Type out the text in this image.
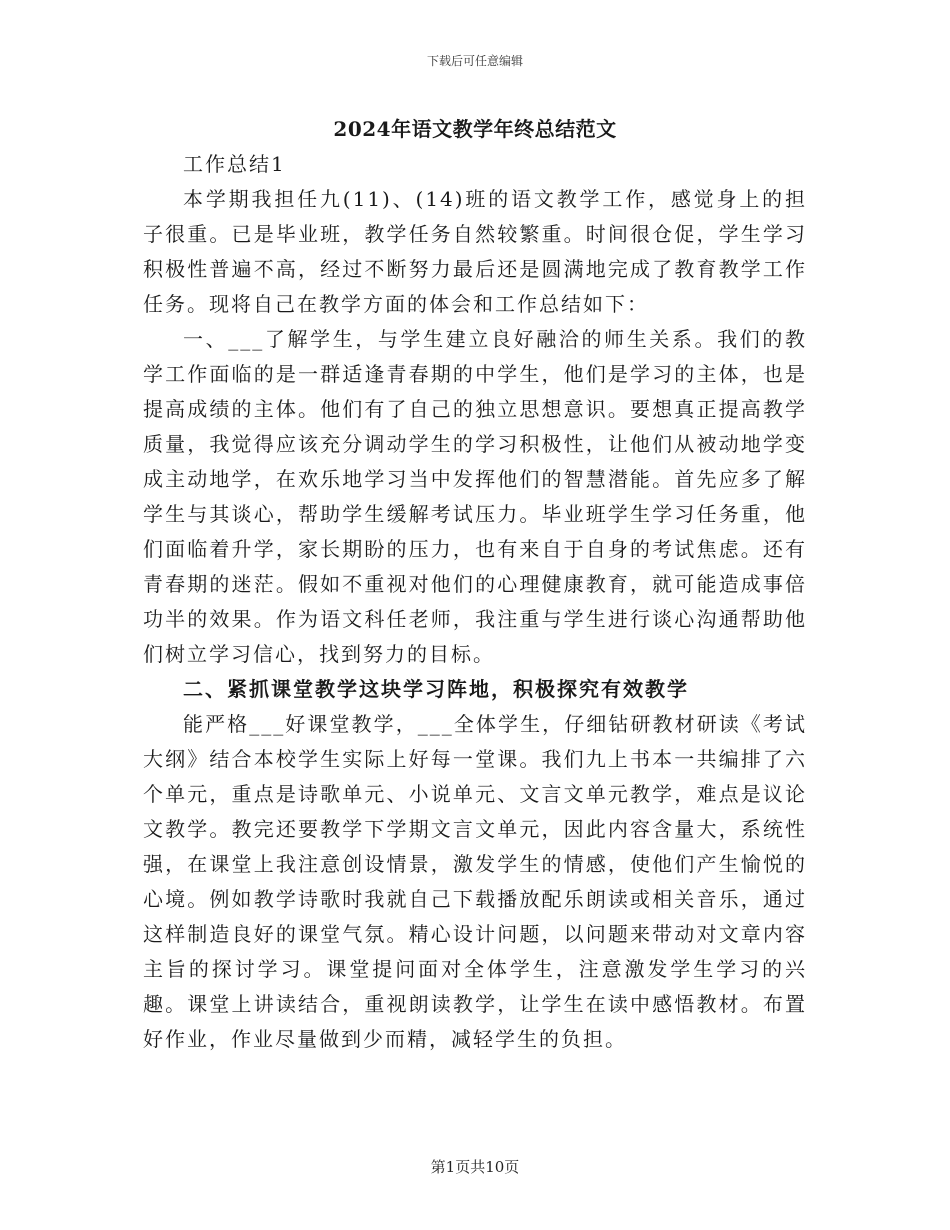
下载后可任意编辑
2024年语文教学年终总结范文

工作总结1

本学期我担任九(11)、(14)班的语文教学工作，感觉身上的担子很重。已是毕业班，教学任务自然较繁重。时间很仓促，学生学习积极性普遍不高，经过不断努力最后还是圆满地完成了教育教学工作任务。现将自己在教学方面的体会和工作总结如下：

一、___了解学生，与学生建立良好融洽的师生关系。我们的教学工作面临的是一群适逢青春期的中学生，他们是学习的主体，也是提高成绩的主体。他们有了自己的独立思想意识。要想真正提高教学质量，我觉得应该充分调动学生的学习积极性，让他们从被动地学变成主动地学，在欢乐地学习当中发挥他们的智慧潜能。首先应多了解学生与其谈心，帮助学生缓解考试压力。毕业班学生学习任务重，他们面临着升学，家长期盼的压力，也有来自于自身的考试焦虑。还有青春期的迷茫。假如不重视对他们的心理健康教育，就可能造成事倍功半的效果。作为语文科任老师，我注重与学生进行谈心沟通帮助他们树立学习信心，找到努力的目标。

二、紧抓课堂教学这块学习阵地，积极探究有效教学

能严格___好课堂教学，___全体学生，仔细钻研教材研读《考试大纲》结合本校学生实际上好每一堂课。我们九上书本一共编排了六个单元，重点是诗歌单元、小说单元、文言文单元教学，难点是议论文教学。教完还要教学下学期文言文单元，因此内容含量大，系统性强，在课堂上我注意创设情景，激发学生的情感，使他们产生愉悦的心境。例如教学诗歌时我就自己下载播放配乐朗读或相关音乐，通过这样制造良好的课堂气氛。精心设计问题，以问题来带动对文章内容主旨的探讨学习。课堂提问面对全体学生，注意激发学生学习的兴趣。课堂上讲读结合，重视朗读教学，让学生在读中感悟教材。布置好作业，作业尽量做到少而精，减轻学生的负担。

第1页共10页
